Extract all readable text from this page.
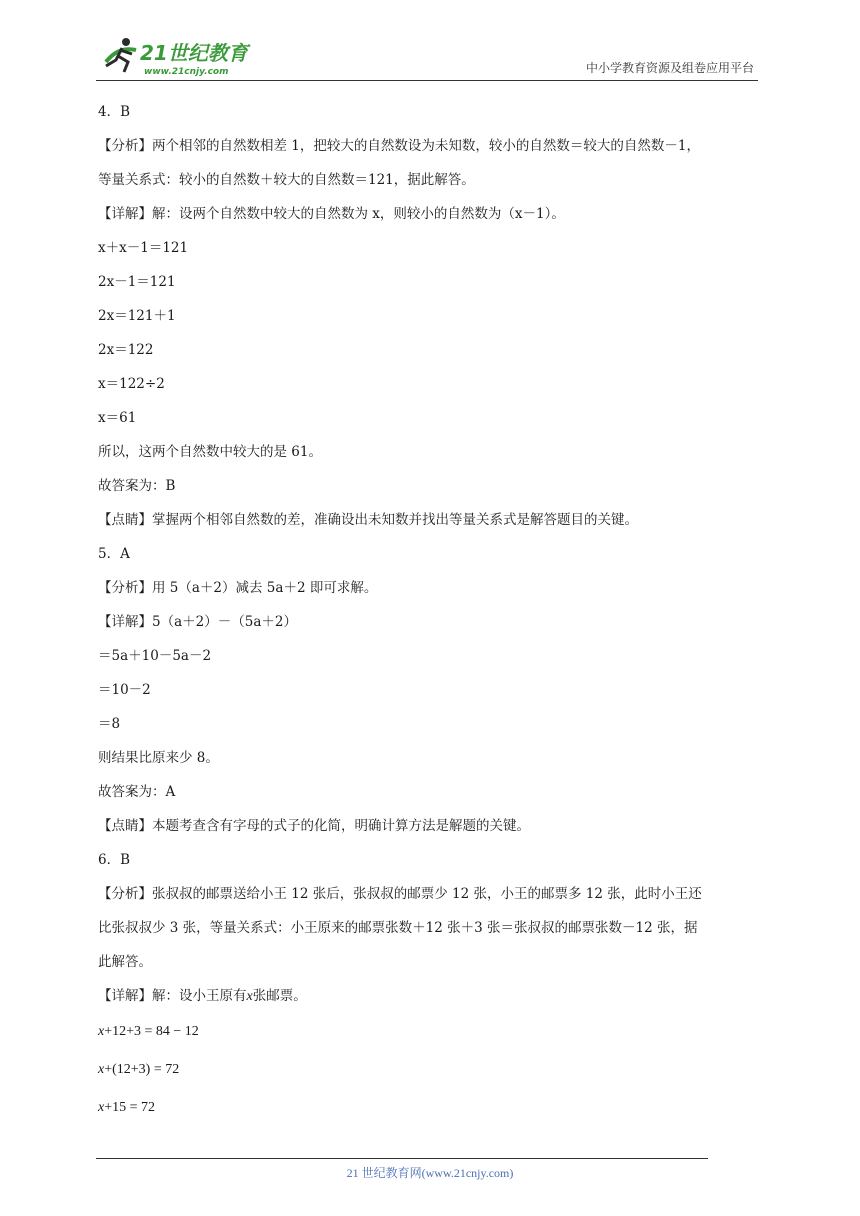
21世纪教育
www.21cnjy.com	中小学教育资源及组卷应用平台
4．B
【分析】两个相邻的自然数相差 1，把较大的自然数设为未知数，较小的自然数＝较大的自然数－1，
等量关系式：较小的自然数＋较大的自然数＝121，据此解答。
【详解】解：设两个自然数中较大的自然数为 x，则较小的自然数为（x－1）。
x＋x－1＝121
2x－1＝121
2x＝121＋1
2x＝122
x＝122÷2
x＝61
所以，这两个自然数中较大的是 61。
故答案为：B
【点睛】掌握两个相邻自然数的差，准确设出未知数并找出等量关系式是解答题目的关键。
5．A
【分析】用 5（a＋2）减去 5a＋2 即可求解。
【详解】5（a＋2）－（5a＋2）
＝5a＋10－5a－2
＝10－2
＝8
则结果比原来少 8。
故答案为：A
【点睛】本题考查含有字母的式子的化简，明确计算方法是解题的关键。
6．B
【分析】张叔叔的邮票送给小王 12 张后，张叔叔的邮票少 12 张，小王的邮票多 12 张，此时小王还
比张叔叔少 3 张，等量关系式：小王原来的邮票张数＋12 张＋3 张＝张叔叔的邮票张数－12 张，据
此解答。
【详解】解：设小王原有x张邮票。
x+12+3 = 84 − 12
x+(12+3) = 72
x+15 = 72
21 世纪教育网(www.21cnjy.com)
